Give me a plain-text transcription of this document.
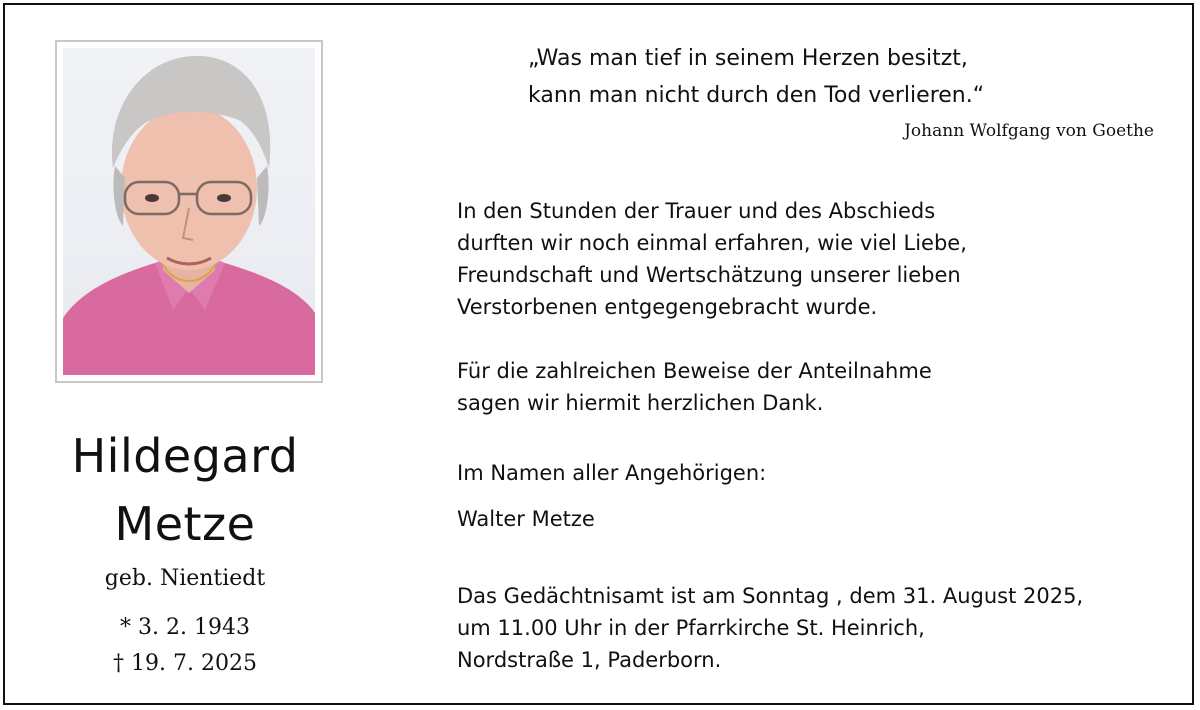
Hildegard
Metze
geb. Nientiedt
* 3. 2. 1943
† 19. 7. 2025
„Was man tief in seinem Herzen besitzt,
kann man nicht durch den Tod verlieren.“
Johann Wolfgang von Goethe
In den Stunden der Trauer und des Abschieds
durften wir noch einmal erfahren, wie viel Liebe,
Freundschaft und Wertschätzung unserer lieben
Verstorbenen entgegengebracht wurde.
Für die zahlreichen Beweise der Anteilnahme
sagen wir hiermit herzlichen Dank.
Im Namen aller Angehörigen:
Walter Metze
Das Gedächtnisamt ist am Sonntag , dem 31. August 2025,
um 11.00 Uhr in der Pfarrkirche St. Heinrich,
Nordstraße 1, Paderborn.
